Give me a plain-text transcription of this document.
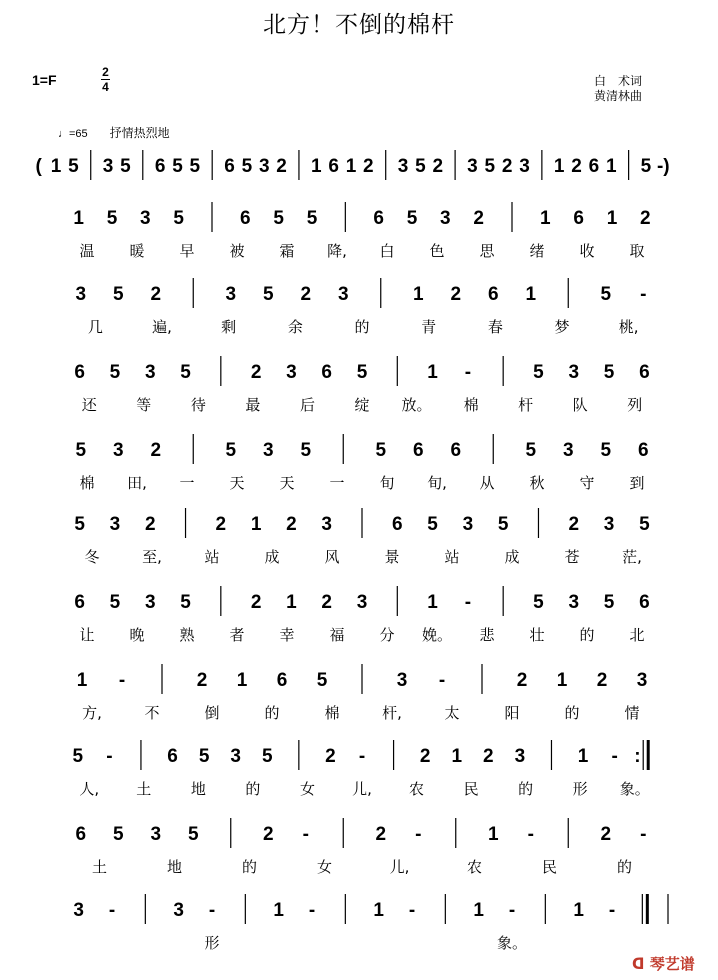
北方！不倒的棉杆
1=F	2
4	白　术词
黄清林曲
♩=65 抒情热烈地
( 1 5 3 5 6 5 5 6 5 3 2 1 6 1 2 3 5 2 3 5 2 3 1 2 6 1 5 -)
1 5 3 5	6 5 5	6 5 3 2	1 6 1 2
温 暖 早 被 霜 降, 白 色 思 绪 收 取
3 5 2	3 5 2 3	1 2 6 1	5 -
几	遍,	剩	余	的	青	春	梦	桃,
6 5 3 5	2 3 6 5	1 -	5 3 5 6
还	等	待	最	后	绽 放。 棉	杆	队	列
5 3 2	5 3 5	5 6 6	5 3 5 6
棉 田, 一 天 天 一 旬 旬, 从 秋 守 到
5 3 2	2 1 2 3	6 5 3 5	2 3 5
冬	至,	站	成	风	景	站	成	苍	茫,
6 5 3 5	2 1 2 3	1 -	5 3 5 6
让 晚 熟 者 幸 福 分 娩。 悲 壮 的 北
1 -	2 1 6 5	3 -	2 1 2 3
方,	不	倒	的	棉	杆,	太	阳	的	情
5 -	6 5 3 5	2 -	2 1 2 3	1 - :
人, 土	地	的	女 儿, 农	民	的	形 象。
6 5 3 5	2 -	2 -	1 -	2 -
土	地	的	女	儿,	农	民	的
3 -	3 -	1 -	1 -	1 -	1 -
形	象。
ᗡ 琴艺谱
